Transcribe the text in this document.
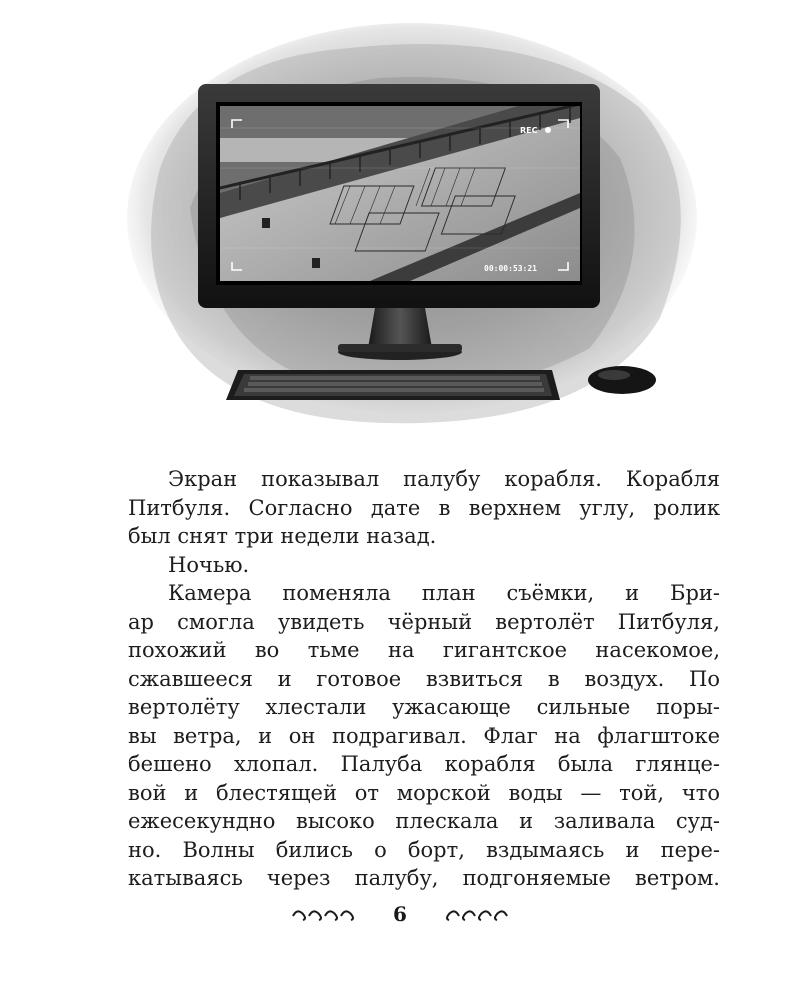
REC
00:00:53:21

Экран показывал палубу корабля. Корабля
Питбуля. Согласно дате в верхнем углу, ролик
был снят три недели назад.

Ночью.

Камера поменяла план съёмки, и Бри-
ар смогла увидеть чёрный вертолёт Питбуля,
похожий во тьме на гигантское насекомое,
сжавшееся и готовое взвиться в воздух. По
вертолёту хлестали ужасающе сильные поры-
вы ветра, и он подрагивал. Флаг на флагштоке
бешено хлопал. Палуба корабля была глянце-
вой и блестящей от морской воды — той, что
ежесекундно высоко плескала и заливала суд-
но. Волны бились о борт, вздымаясь и пере-
катываясь через палубу, подгоняемые ветром.

6
